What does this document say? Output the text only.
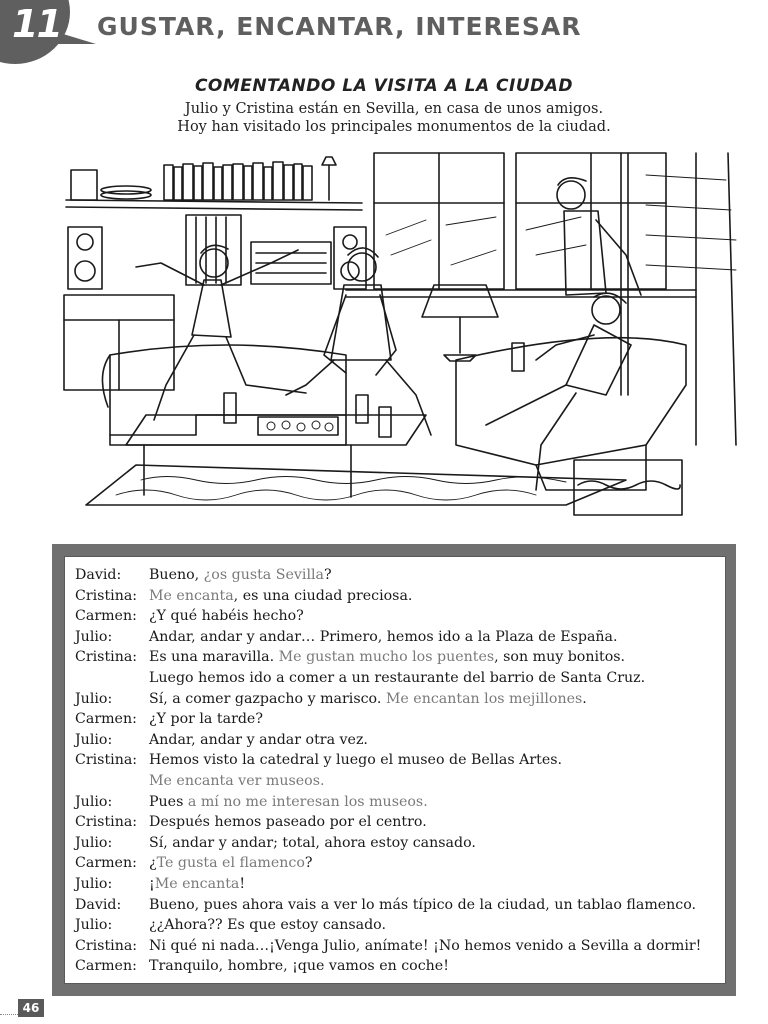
11	GUSTAR, ENCANTAR, INTERESAR
COMENTANDO LA VISITA A LA CIUDAD
Julio y Cristina están en Sevilla, en casa de unos amigos.
Hoy han visitado los principales monumentos de la ciudad.
David: Bueno, ¿os gusta Sevilla?
Cristina: Me encanta, es una ciudad preciosa.
Carmen: ¿Y qué habéis hecho?
Julio:	Andar, andar y andar… Primero, hemos ido a la Plaza de España.
Cristina: Es una maravilla. Me gustan mucho los puentes, son muy bonitos.
Luego hemos ido a comer a un restaurante del barrio de Santa Cruz.
Julio:	Sí, a comer gazpacho y marisco. Me encantan los mejillones.
Carmen: ¿Y por la tarde?
Julio:	Andar, andar y andar otra vez.
Cristina: Hemos visto la catedral y luego el museo de Bellas Artes.
Me encanta ver museos.
Julio:	Pues a mí no me interesan los museos.
Cristina: Después hemos paseado por el centro.
Julio:	Sí, andar y andar; total, ahora estoy cansado.
Carmen: ¿Te gusta el flamenco?
Julio:	¡Me encanta!
David: Bueno, pues ahora vais a ver lo más típico de la ciudad, un tablao flamenco.
Julio:	¿¿Ahora?? Es que estoy cansado.
Cristina: Ni qué ni nada…¡Venga Julio, anímate! ¡No hemos venido a Sevilla a dormir!
Carmen: Tranquilo, hombre, ¡que vamos en coche!
46
